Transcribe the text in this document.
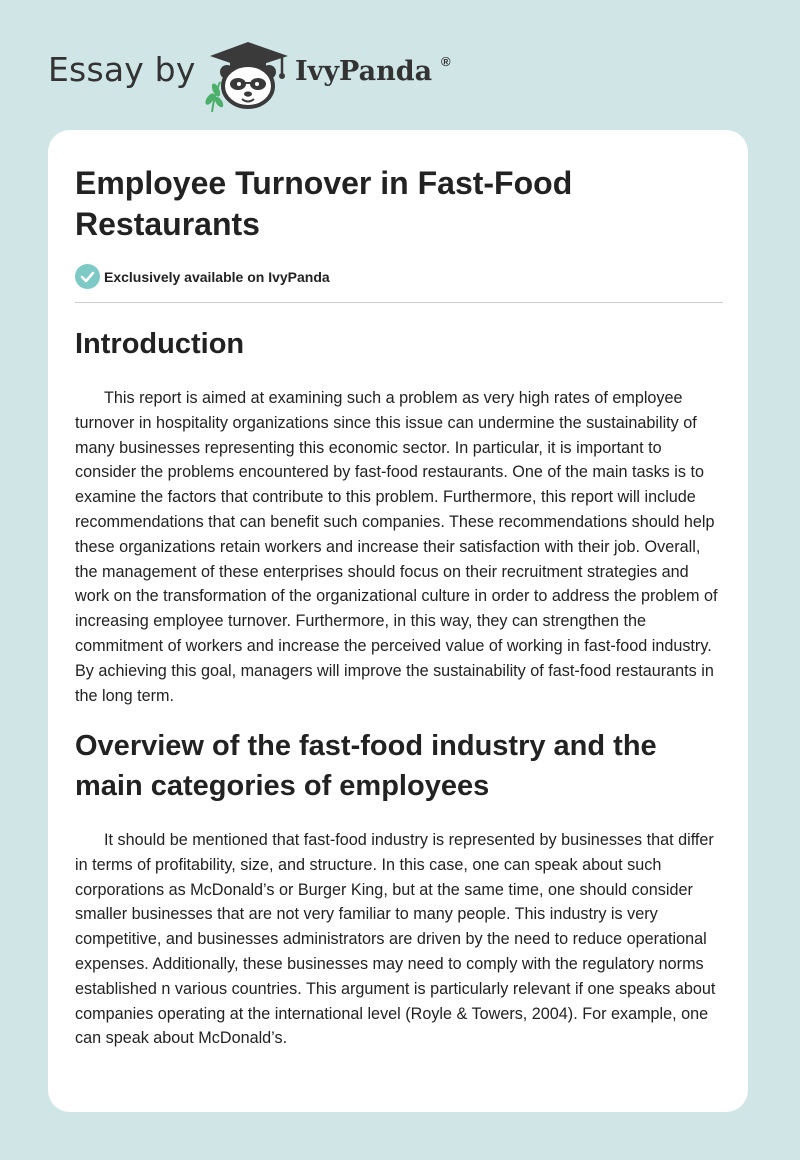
Essay by	IvyPanda ®
Employee Turnover in Fast-Food Restaurants
Exclusively available on IvyPanda
Introduction

This report is aimed at examining such a problem as very high rates of employee turnover in hospitality organizations since this issue can undermine the sustainability of many businesses representing this economic sector. In particular, it is important to consider the problems encountered by fast-food restaurants. One of the main tasks is to examine the factors that contribute to this problem. Furthermore, this report will include recommendations that can benefit such companies. These recommendations should help these organizations retain workers and increase their satisfaction with their job. Overall, the management of these enterprises should focus on their recruitment strategies and work on the transformation of the organizational culture in order to address the problem of increasing employee turnover. Furthermore, in this way, they can strengthen the commitment of workers and increase the perceived value of working in fast-food industry. By achieving this goal, managers will improve the sustainability of fast-food restaurants in the long term.

Overview of the fast-food industry and the main categories of employees

It should be mentioned that fast-food industry is represented by businesses that differ in terms of profitability, size, and structure. In this case, one can speak about such corporations as McDonald’s or Burger King, but at the same time, one should consider smaller businesses that are not very familiar to many people. This industry is very competitive, and businesses administrators are driven by the need to reduce operational expenses. Additionally, these businesses may need to comply with the regulatory norms established n various countries. This argument is particularly relevant if one speaks about companies operating at the international level (Royle & Towers, 2004). For example, one can speak about McDonald’s.
